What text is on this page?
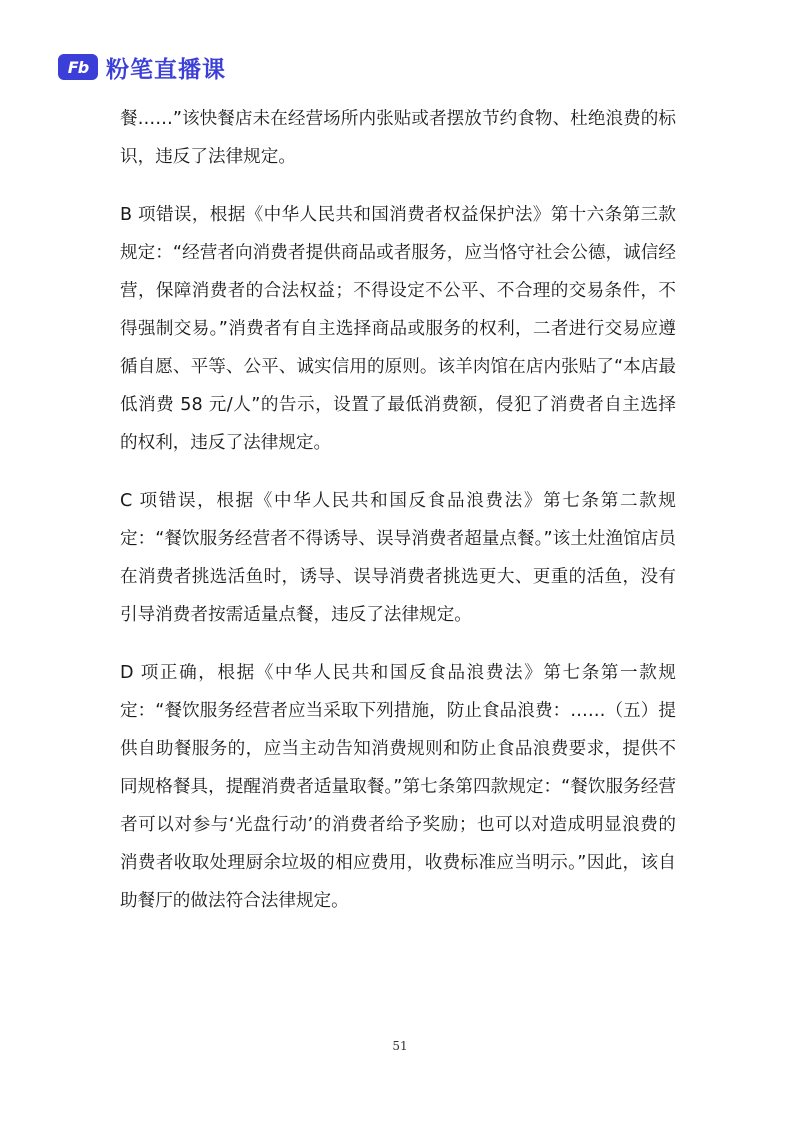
Fb 粉笔直播课

餐……”该快餐店未在经营场所内张贴或者摆放节约食物、杜绝浪费的标识，违反了法律规定。

B 项错误，根据《中华人民共和国消费者权益保护法》第十六条第三款规定：“经营者向消费者提供商品或者服务，应当恪守社会公德，诚信经营，保障消费者的合法权益；不得设定不公平、不合理的交易条件，不得强制交易。”消费者有自主选择商品或服务的权利，二者进行交易应遵循自愿、平等、公平、诚实信用的原则。该羊肉馆在店内张贴了“本店最低消费 58 元/人”的告示，设置了最低消费额，侵犯了消费者自主选择的权利，违反了法律规定。

C 项错误，根据《中华人民共和国反食品浪费法》第七条第二款规定：“餐饮服务经营者不得诱导、误导消费者超量点餐。”该土灶渔馆店员在消费者挑选活鱼时，诱导、误导消费者挑选更大、更重的活鱼，没有引导消费者按需适量点餐，违反了法律规定。

D 项正确，根据《中华人民共和国反食品浪费法》第七条第一款规定：“餐饮服务经营者应当采取下列措施，防止食品浪费：……（五）提供自助餐服务的，应当主动告知消费规则和防止食品浪费要求，提供不同规格餐具，提醒消费者适量取餐。”第七条第四款规定：“餐饮服务经营者可以对参与‘光盘行动’的消费者给予奖励；也可以对造成明显浪费的消费者收取处理厨余垃圾的相应费用，收费标准应当明示。”因此，该自助餐厅的做法符合法律规定。

51
